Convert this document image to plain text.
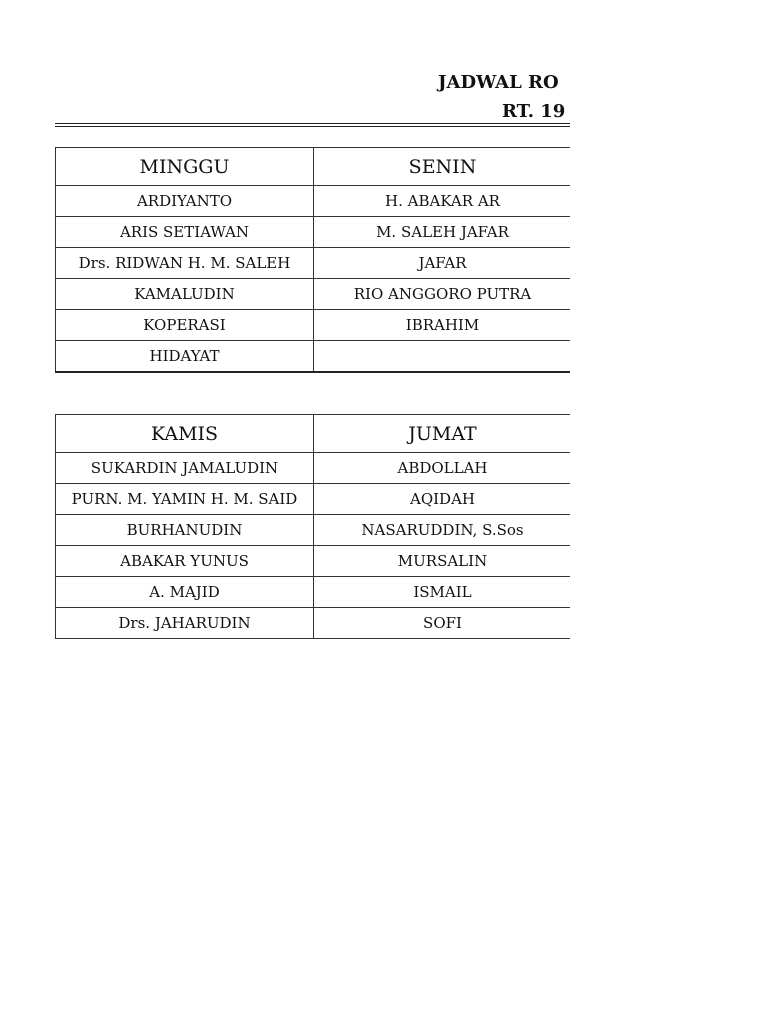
JADWAL RO
RT. 19
MINGGU	SENIN
ARDIYANTO	H. ABAKAR AR
ARIS SETIAWAN	M. SALEH JAFAR
Drs. RIDWAN H. M. SALEH	JAFAR
KAMALUDIN	RIO ANGGORO PUTRA
KOPERASI	IBRAHIM
HIDAYAT	
KAMIS	JUMAT
SUKARDIN JAMALUDIN	ABDOLLAH
PURN. M. YAMIN H. M. SAID	AQIDAH
BURHANUDIN	NASARUDDIN, S.Sos
ABAKAR YUNUS	MURSALIN
A. MAJID	ISMAIL
Drs. JAHARUDIN	SOFI
